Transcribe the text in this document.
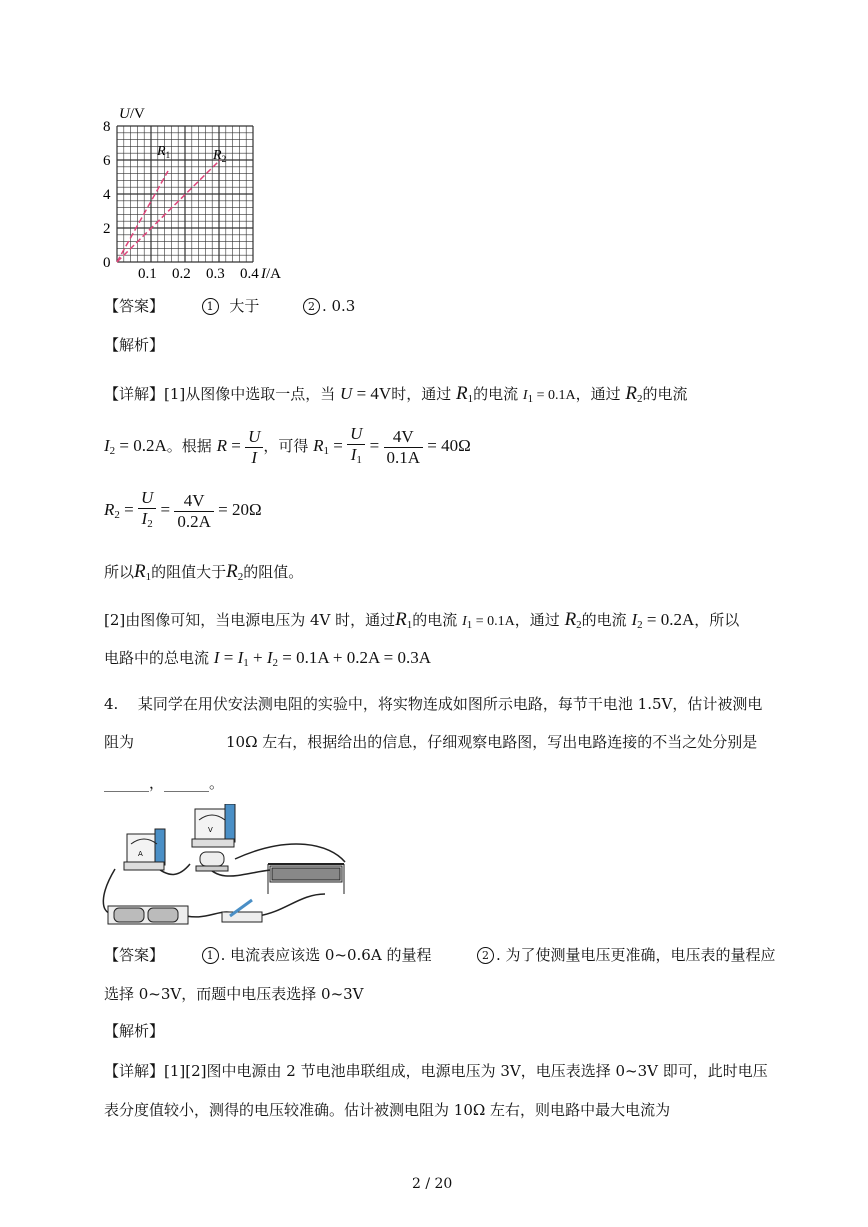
U/V
0
2
4
6
8
0.1 0.2 0.3 0.4 I/A
$R_1$	$R_2$
【答案】	1 大于	2 . 0.3
【解析】
【详解】[1]从图像中选取一点，当 U = 4V时，通过 $R_1$的电流 $I_1 = 0.1A$，通过 $R_2$的电流
$I_2 = 0.2A$。根据 $R = \frac{U}{I}$ ，可得 $R_1 = \frac{U}{I_1} = \frac{4V}{0.1A} = 40\Omega$
$R_2 = \frac{U}{I_2} = \frac{4V}{0.2A} = 20\Omega$
所以$R_1$的阻值大于$R_2$的阻值。
[2]由图像可知，当电源电压为 4V 时，通过$R_1$的电流 $I_1 = 0.1A$，通过 $R_2$的电流 $I_2 = 0.2A$，所以
电路中的总电流 $I = I_1 + I_2 = 0.1A + 0.2A = 0.3A$
4. 某同学在用伏安法测电阻的实验中，将实物连成如图所示电路，每节干电池 1.5V，估计被测电
阻为	10Ω 左右，根据给出的信息，仔细观察电路图，写出电路连接的不当之处分别是
______，______。
A
V
【答案】	1 . 电流表应该选 0~0.6A 的量程	2 . 为了使测量电压更准确，电压表的量程应
选择 0~3V，而题中电压表选择 0~3V
【解析】
【详解】[1][2]图中电源由 2 节电池串联组成，电源电压为 3V，电压表选择 0~3V 即可，此时电压
表分度值较小，测得的电压较准确。估计被测电阻为 10Ω 左右，则电路中最大电流为
2 / 20
